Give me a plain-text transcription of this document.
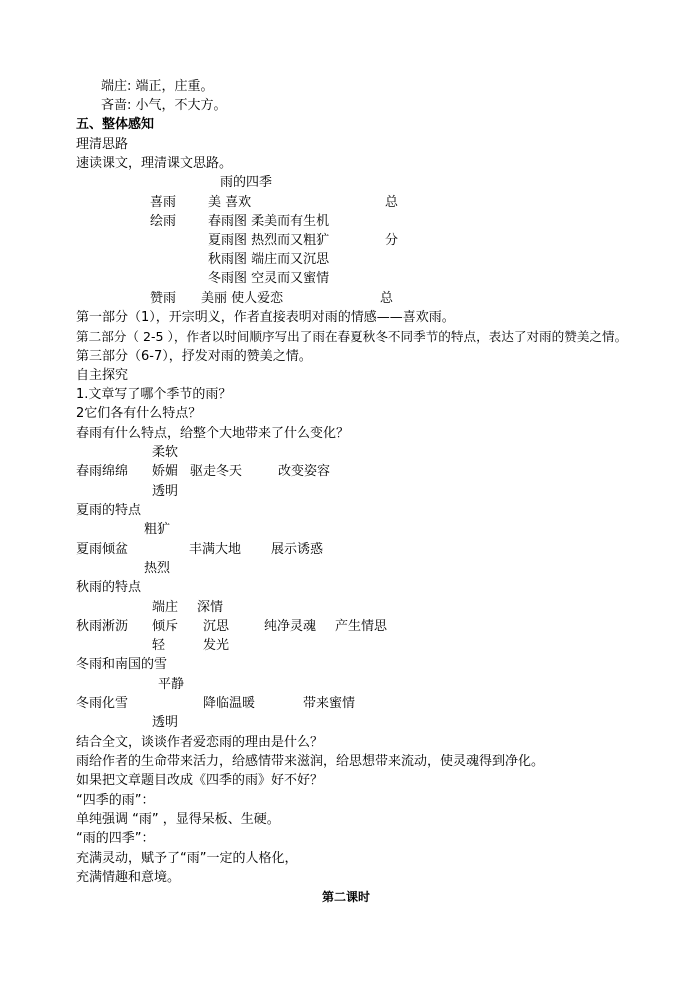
端庄: 端正，庄重。
吝啬: 小气，不大方。
五、整体感知
理清思路
速读课文，理清课文思路。
雨的四季
喜雨 美 喜欢	总
绘雨 春雨图 柔美而有生机
夏雨图 热烈而又粗犷	分
秋雨图 端庄而又沉思
冬雨图 空灵而又蜜情
赞雨 美丽 使人爱恋	总
第一部分（1），开宗明义，作者直接表明对雨的情感——喜欢雨。
第二部分（ 2-5 ），作者以时间顺序写出了雨在春夏秋冬不同季节的特点，表达了对雨的赞美之情。
第三部分（6-7），抒发对雨的赞美之情。
自主探究
1.文章写了哪个季节的雨？
2它们各有什么特点？
春雨有什么特点，给整个大地带来了什么变化？
柔软
春雨绵绵 娇媚 驱走冬天	改变姿容
透明
夏雨的特点
粗犷
夏雨倾盆	丰满大地 展示诱惑
热烈
秋雨的特点
端庄 深情
秋雨淅沥 倾斥 沉思	纯净灵魂 产生情思
轻	发光
冬雨和南国的雪
平静
冬雨化雪	降临温暖	带来蜜情
透明
结合全文，谈谈作者爱恋雨的理由是什么？
雨给作者的生命带来活力，给感情带来滋润，给思想带来流动，使灵魂得到净化。
如果把文章题目改成《四季的雨》好不好？
“四季的雨”：
单纯强调 “雨” ，显得呆板、生硬。
“雨的四季”：
充满灵动，赋予了“雨”一定的人格化，
充满情趣和意境。
第二课时
